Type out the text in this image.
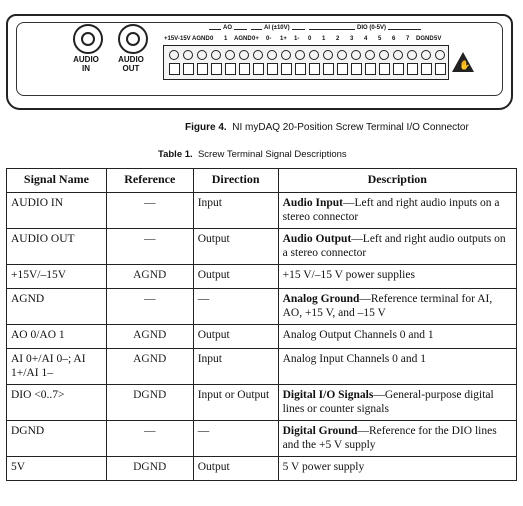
AUDIO
IN
AUDIO
OUT
AO	AI (±10V)	DIO (0-5V)
+15V -15V AGND 0 1 AGND 0+ 0- 1+ 1- 0 1 2 3 4 5 6 7 DGND 5V
✋
Figure 4. NI myDAQ 20-Position Screw Terminal I/O Connector
Table 1. Screw Terminal Signal Descriptions
Signal Name	Reference	Direction	Description
AUDIO IN	—	Input	Audio Input—Left and right audio inputs on a stereo connector
AUDIO OUT	—	Output	Audio Output—Left and right audio outputs on a stereo connector
+15V/–15V	AGND	Output	+15 V/–15 V power supplies
AGND	—	—	Analog Ground—Reference terminal for AI, AO, +15 V, and –15 V
AO 0/AO 1	AGND	Output	Analog Output Channels 0 and 1
AI 0+/AI 0–; AI 1+/AI 1–	AGND	Input	Analog Input Channels 0 and 1
DIO <0..7>	DGND	Input or Output	Digital I/O Signals—General-purpose digital lines or counter signals
DGND	—	—	Digital Ground—Reference for the DIO lines and the +5 V supply
5V	DGND	Output	5 V power supply
